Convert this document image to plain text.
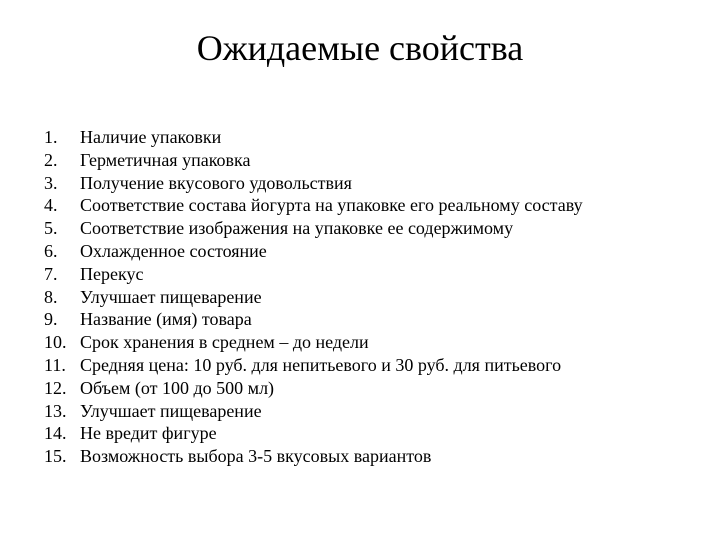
Ожидаемые свойства
1.	Наличие упаковки
2.	Герметичная упаковка
3.	Получение вкусового удовольствия
4.	Соответствие состава йогурта на упаковке его реальному составу
5.	Соответствие изображения на упаковке ее содержимому
6.	Охлажденное состояние
7.	Перекус
8.	Улучшает пищеварение
9.	Название (имя) товара
10. Срок хранения в среднем – до недели
11. Средняя цена: 10 руб. для непитьевого и 30 руб. для питьевого
12. Объем (от 100 до 500 мл)
13. Улучшает пищеварение
14. Не вредит фигуре
15. Возможность выбора 3-5 вкусовых вариантов
